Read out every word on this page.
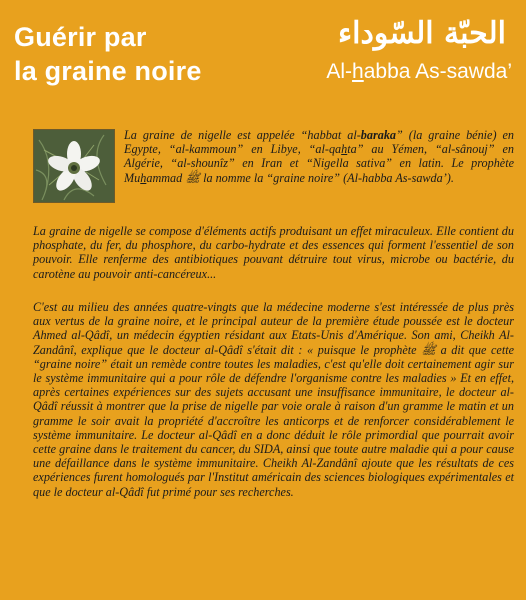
Guérir par
la graine noire
الحبّة السّوداء
Al-habba As-sawda’

La graine de nigelle est appelée “habbat al-baraka” (la graine bénie) en Egypte, “al-kammoun” en Libye, “al-qahta” au Yémen, “al-sânouj” en Algérie, “al-shounîz” en Iran et “Nigella sativa” en latin. Le prophète Muhammad ﷺ la nomme la “graine noire” (Al-habba As-sawda’).

La graine de nigelle se compose d'éléments actifs produisant un effet miraculeux. Elle contient du phosphate, du fer, du phosphore, du carbo-hydrate et des essences qui forment l'essentiel de son pouvoir. Elle renferme des antibiotiques pouvant détruire tout virus, microbe ou bactérie, du carotène au pouvoir anti-cancéreux...

C'est au milieu des années quatre-vingts que la médecine moderne s'est intéressée de plus près aux vertus de la graine noire, et le principal auteur de la première étude poussée est le docteur Ahmed al-Qâdî, un médecin égyptien résidant aux Etats-Unis d'Amérique. Son ami, Cheikh Al-Zandânî, explique que le docteur al-Qâdî s'était dit : « puisque le prophète ﷺ a dit que cette “graine noire” était un remède contre toutes les maladies, c'est qu'elle doit certainement agir sur le système immunitaire qui a pour rôle de défendre l'organisme contre les maladies » Et en effet, après certaines expériences sur des sujets accusant une insuffisance immunitaire, le docteur al-Qâdî réussit à montrer que la prise de nigelle par voie orale à raison d'un gramme le matin et un gramme le soir avait la propriété d'accroître les anticorps et de renforcer considérablement le système immunitaire. Le docteur al-Qâdî en a donc déduit le rôle primordial que pourrait avoir cette graine dans le traitement du cancer, du SIDA, ainsi que toute autre maladie qui a pour cause une défaillance dans le système immunitaire. Cheikh Al-Zandânî ajoute que les résultats de ces expériences furent homologués par l'Institut américain des sciences biologiques expérimentales et que le docteur al-Qâdî fut primé pour ses recherches.
